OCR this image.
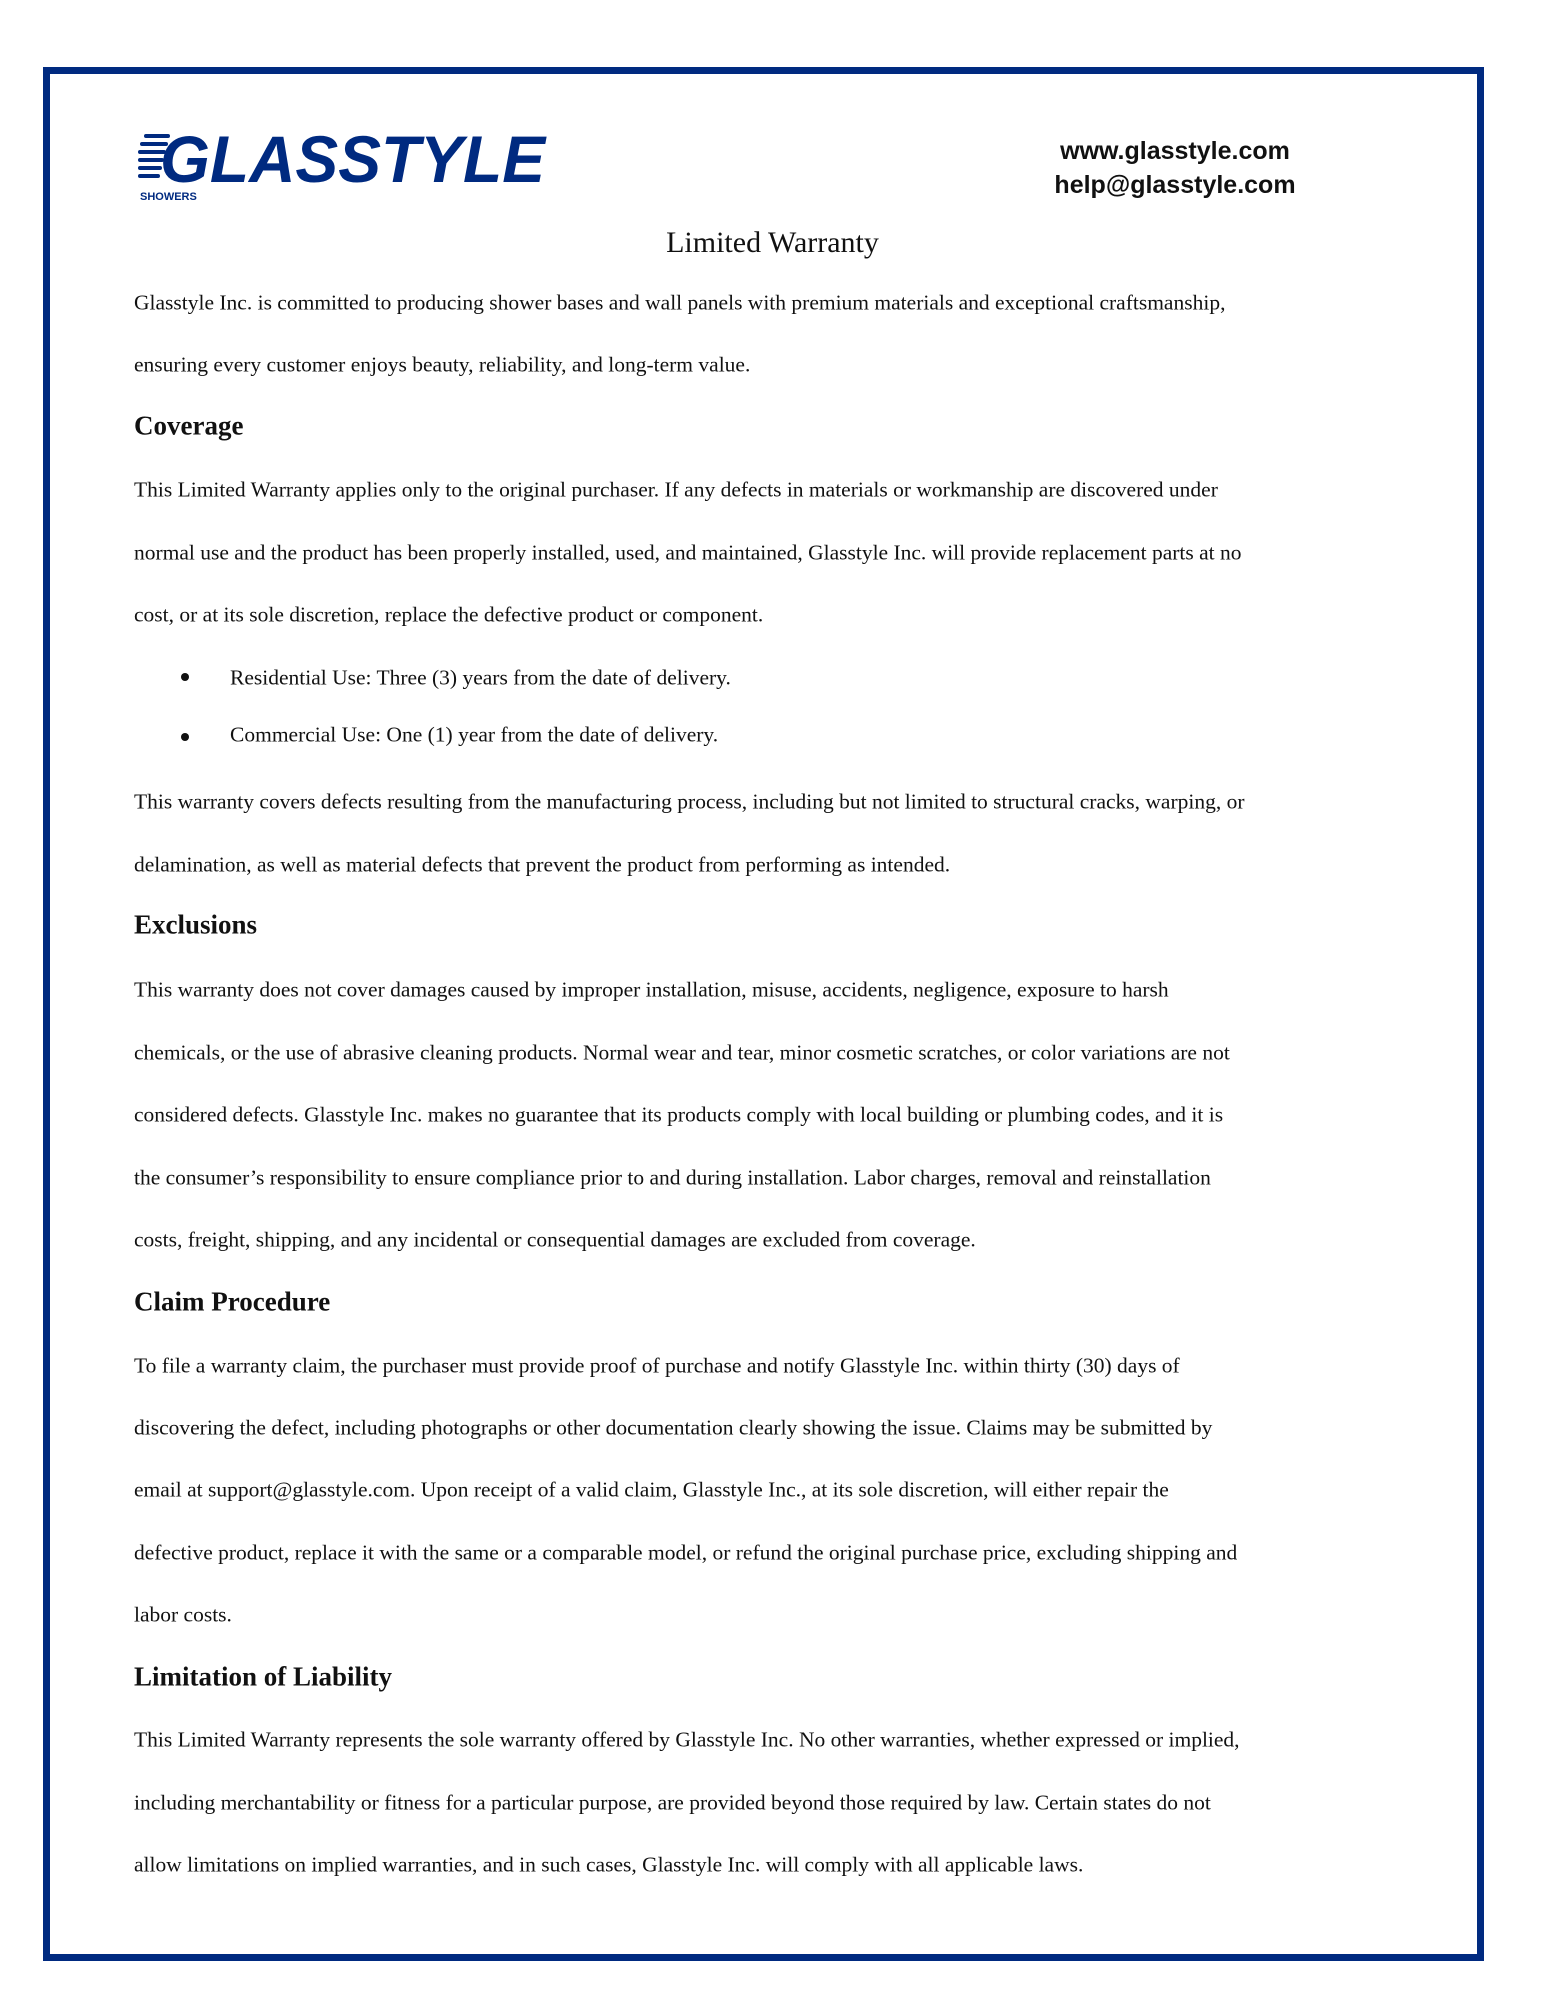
GLASSTYLE
SHOWERS
www.glasstyle.com
help@glasstyle.com
Limited Warranty
Glasstyle Inc. is committed to producing shower bases and wall panels with premium materials and exceptional craftsmanship,
ensuring every customer enjoys beauty, reliability, and long-term value.
Coverage
This Limited Warranty applies only to the original purchaser. If any defects in materials or workmanship are discovered under
normal use and the product has been properly installed, used, and maintained, Glasstyle Inc. will provide replacement parts at no
cost, or at its sole discretion, replace the defective product or component.
Residential Use: Three (3) years from the date of delivery.
Commercial Use: One (1) year from the date of delivery.
This warranty covers defects resulting from the manufacturing process, including but not limited to structural cracks, warping, or
delamination, as well as material defects that prevent the product from performing as intended.
Exclusions
This warranty does not cover damages caused by improper installation, misuse, accidents, negligence, exposure to harsh
chemicals, or the use of abrasive cleaning products. Normal wear and tear, minor cosmetic scratches, or color variations are not
considered defects. Glasstyle Inc. makes no guarantee that its products comply with local building or plumbing codes, and it is
the consumer’s responsibility to ensure compliance prior to and during installation. Labor charges, removal and reinstallation
costs, freight, shipping, and any incidental or consequential damages are excluded from coverage.
Claim Procedure
To file a warranty claim, the purchaser must provide proof of purchase and notify Glasstyle Inc. within thirty (30) days of
discovering the defect, including photographs or other documentation clearly showing the issue. Claims may be submitted by
email at support@glasstyle.com. Upon receipt of a valid claim, Glasstyle Inc., at its sole discretion, will either repair the
defective product, replace it with the same or a comparable model, or refund the original purchase price, excluding shipping and
labor costs.
Limitation of Liability
This Limited Warranty represents the sole warranty offered by Glasstyle Inc. No other warranties, whether expressed or implied,
including merchantability or fitness for a particular purpose, are provided beyond those required by law. Certain states do not
allow limitations on implied warranties, and in such cases, Glasstyle Inc. will comply with all applicable laws.
